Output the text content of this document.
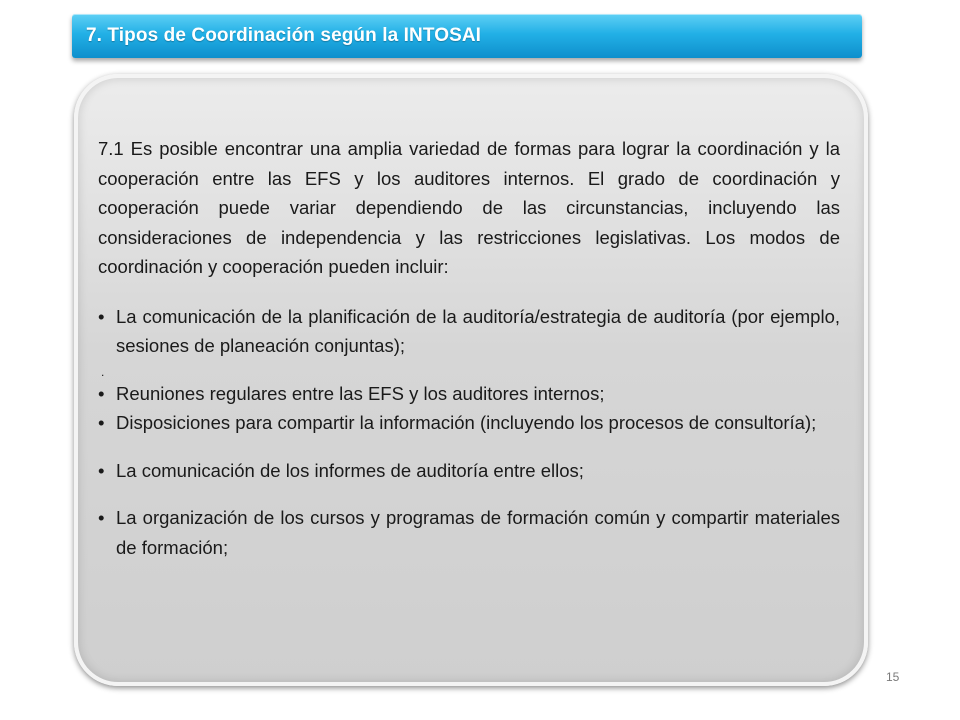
7. Tipos de Coordinación según la INTOSAI

7.1 Es posible encontrar una amplia variedad de formas para lograr la coordinación y la cooperación entre las EFS y los auditores internos. El grado de coordinación y cooperación puede variar dependiendo de las circunstancias, incluyendo las consideraciones de independencia y las restricciones legislativas. Los modos de coordinación y cooperación pueden incluir:

• La comunicación de la planificación de la auditoría/estrategia de auditoría (por ejemplo, sesiones de planeación conjuntas);
• Reuniones regulares entre las EFS y los auditores internos;
• Disposiciones para compartir la información (incluyendo los procesos de consultoría);
• La comunicación de los informes de auditoría entre ellos;
• La organización de los cursos y programas de formación común y compartir materiales de formación;
.
15
